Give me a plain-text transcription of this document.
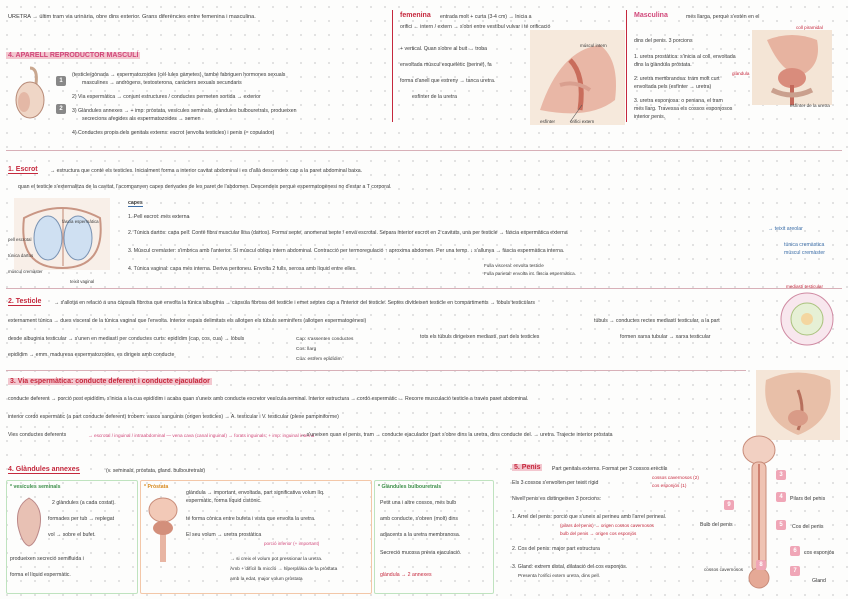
URETRA → últim tram via urinària, obre dins exterior. Grans diferències entre femenina i masculina.	femenina entrada molt + curta (3-4 cm) → Inicia a
orifici ← intern / extern → s'obri entre vestíbul vulvar i té orificació
+ vertical. Quan s'obre al buit → troba
envoltada múscul esquelètic (perinè), fa
forma d'anell que estreny → tanca uretra.
esfínter de la uretra
múscul intern
esfínter	orifici extern
Masculina	més llarga, perquè s'estén en el
dins del penis. 3 porcions
1. uretra prostàtica: s'inicia al coll, envoltada
dins la glàndula pròstata.
2. uretra membranosa: tram molt curt
envoltada pels (esfínter → uretra)
3. uretra esponjosa: o peniana, el tram
més llarg. Travessa els cossos esponjosos
interior penis.
coll piramidal
glàndula
esfínter de la uretra
4. APARELL REPRODUCTOR MASCULÍ
1
2
(testicle/gònada → espermatozoides (cèl·lules gàmetes), també fabriquen hormones sexuals
masculines → andrògens, testosterona, caràcters sexuals secundaris
2) Via espermàtica → conjunt estructures / conductes permeten sortida → exterior
3) Glàndules annexes → + imp: pròstata, vesícules seminals, glàndules bulbouretrals, produeixen
secrecions afegides als espermatozoides → semen
4) Conductes propis dels genitals externs: escrot (envolta testicles) i penis (≈ copulador)
1. Escrot → estructura que conté els testicles. Inicialment forma a interior cavitat abdominal i es d'allà descendeix cap a la paret abdominal baixa.
quan el testicle s'externalitza de la cavitat, l'acompanyen capes derivades de les paret de l'abdomen. Descendeix perquè espermatogènesi no d'estar a T corporal.
pell escrotal
túnica dartos
múscul cremàster
fàscia espermàtica
teixit vaginal
capes
1. Pell escrot: més externa
2. Túnica dartos: capa pell. Conté fibra muscular llisa (dartos). Forma septe, anomenat septe / envà escrotal. Separa interior escrot en 2 cavitats, una per testicle → fàscia espermàtica externa
3. Múscul cremàster: s'imbrica amb l'anterior. Sí múscul obliqu intern abdominal. Contracció per termoregulació ↑ aproxima abdomen. Per una temp. ↓ s'allunya → fàscia espermàtica interna.
4. Túnica vaginal: capa més interna. Deriva peritoneu. Envolta 2 fulls, serosa amb líquid entre elles.
Fulla visceral: envolta testicle
Fulla parietal: envolta int. fàscia espermàtica.
→ teixit areolar
túnica cremàstica
múscul cremàster
2. Testicle → s'allotja en relació a una càpsula fibrosa que envolta la túnica albugínia → càpsula fibrosa del testicle i emet septes cap a l'interior del testicle. Septes divideixen testicle en compartiments → lòbuls testiculars
externament túnica → dues visceral de la túnica vaginal que l'envolta. Interior espais delimitats els allotgen els túbuls seminífers (allotgen espermatogènesi)
desde albuginia testicular → s'unen en mediastí per conductes curts: epidídim (cap, cos, cua) → lòbuls
epidídim → emm. maduresa espermatozoides, es dirigeix amb conducte
Cap: s'assenten conductes
Cos: llarg
Cua: estrem epidídim
túbuls → conductes rectes mediastí testicular, a la part
formen xarxa tubular → xarxa testicular
tots els túbuls dirigeixen mediastí, part dels testicles
mediastí testicular
3. Via espermàtica: conducte deferent i conducte ejaculador
conducte deferent → porció post epidídim, s'inicia a la cua epidídim i acaba quan s'uneix amb conducte excretor vesícula seminal. Interior estructura → cordó espermàtic → Recorre musculació testicle a través paret abdominal.
interior cordó espermàtic (a part conducte deferent) trobem: vasos sanguinis (origen testicles) → A. testicular i V. testicular (plexe pampiniforme)
Vies conductes deferents	→ escrotal / inguinal / intraabdominal — vena cava (canal inguinal) → forats inguinals; + imp: inguinal interna
→ s'uneixen quan el penis, tram → conducte ejaculador (part s'obre dins la uretra, dins conducte del. → uretra. Trajecte interior pròstata
4. Glàndules annexes	(v. seminals, pròstata, gland. bulbouretrals)
* vesícules seminals
2 glàndules (a cada costat).
formades per tub → replegat
vol → sobre el bufet.
produeixen secreció semifluida i
forma el líquid espermàtic.
* Pròstata
glàndula → important, envoltada, part significativa volum líq.
espermàtic, forma líquid cistònic.
té forma cònica entre bufeta i vista que envolta la uretra.
El seu volum → uretra prostàtica
porció inferior (+ important)
→ si creix el volum pot pressionar la uretra.
Amb + difícil la micció → hiperplàsia de la pròstata
amb la edat, major volum pròstata
* Glàndules bulbouretrals
Petit una i altre cossos, més bulb
amb conducte, s'obren (molt) dins
adjacents a la uretra membranosa.
Secreció mucosa prèvia ejaculació.
glàndula → 2 annexes
5. Penis	Part genitals externs. Format per 3 cossos erèctils
cossos cavernosos (2)
cos esponjós (1)
Els 3 cossos s'envolten per teixit rígid
Nivell penis es distingeixen 3 porcions:
1. Arrel del penis: porció que s'uneix al perineu amb l'arrel perineal.
(pilars del penis) → origen cossos cavernosos
bulb del penis → origen cos esponjós
2. Cos del penis: major part estructura
3. Gland: extrem distal, dilatació del cos esponjós.
Presenta l'orifici extern uretra, dins pell.
3
4
5
6
7
8
9
Pilars del penis
Cos del penis
cos esponjós
Bulb del penis
cossos cavernosos
Gland
